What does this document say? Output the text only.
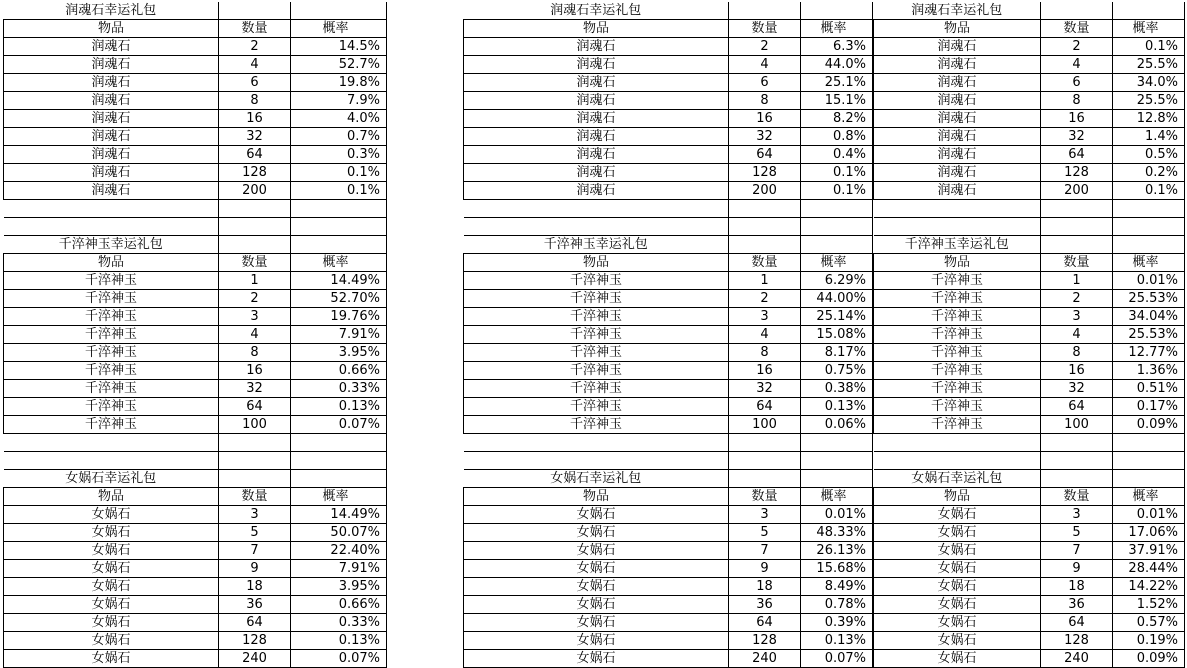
润魂石幸运礼包		
物品	数量	概率
润魂石	2	14.5%
润魂石	4	52.7%
润魂石	6	19.8%
润魂石	8	7.9%
润魂石	16	4.0%
润魂石	32	0.7%
润魂石	64	0.3%
润魂石	128	0.1%
润魂石	200	0.1%

润魂石幸运礼包		
物品	数量	概率
润魂石	2	6.3%
润魂石	4	44.0%
润魂石	6	25.1%
润魂石	8	15.1%
润魂石	16	8.2%
润魂石	32	0.8%
润魂石	64	0.4%
润魂石	128	0.1%
润魂石	200	0.1%

润魂石幸运礼包		
物品	数量	概率
润魂石	2	0.1%
润魂石	4	25.5%
润魂石	6	34.0%
润魂石	8	25.5%
润魂石	16	12.8%
润魂石	32	1.4%
润魂石	64	0.5%
润魂石	128	0.2%
润魂石	200	0.1%

千淬神玉幸运礼包		
物品	数量	概率
千淬神玉	1	14.49%
千淬神玉	2	52.70%
千淬神玉	3	19.76%
千淬神玉	4	7.91%
千淬神玉	8	3.95%
千淬神玉	16	0.66%
千淬神玉	32	0.33%
千淬神玉	64	0.13%
千淬神玉	100	0.07%

千淬神玉幸运礼包		
物品	数量	概率
千淬神玉	1	6.29%
千淬神玉	2	44.00%
千淬神玉	3	25.14%
千淬神玉	4	15.08%
千淬神玉	8	8.17%
千淬神玉	16	0.75%
千淬神玉	32	0.38%
千淬神玉	64	0.13%
千淬神玉	100	0.06%

千淬神玉幸运礼包		
物品	数量	概率
千淬神玉	1	0.01%
千淬神玉	2	25.53%
千淬神玉	3	34.04%
千淬神玉	4	25.53%
千淬神玉	8	12.77%
千淬神玉	16	1.36%
千淬神玉	32	0.51%
千淬神玉	64	0.17%
千淬神玉	100	0.09%

女娲石幸运礼包		
物品	数量	概率
女娲石	3	14.49%
女娲石	5	50.07%
女娲石	7	22.40%
女娲石	9	7.91%
女娲石	18	3.95%
女娲石	36	0.66%
女娲石	64	0.33%
女娲石	128	0.13%
女娲石	240	0.07%
女娲石幸运礼包		
物品	数量	概率
女娲石	3	0.01%
女娲石	5	48.33%
女娲石	7	26.13%
女娲石	9	15.68%
女娲石	18	8.49%
女娲石	36	0.78%
女娲石	64	0.39%
女娲石	128	0.13%
女娲石	240	0.07%
女娲石幸运礼包		
物品	数量	概率
女娲石	3	0.01%
女娲石	5	17.06%
女娲石	7	37.91%
女娲石	9	28.44%
女娲石	18	14.22%
女娲石	36	1.52%
女娲石	64	0.57%
女娲石	128	0.19%
女娲石	240	0.09%
